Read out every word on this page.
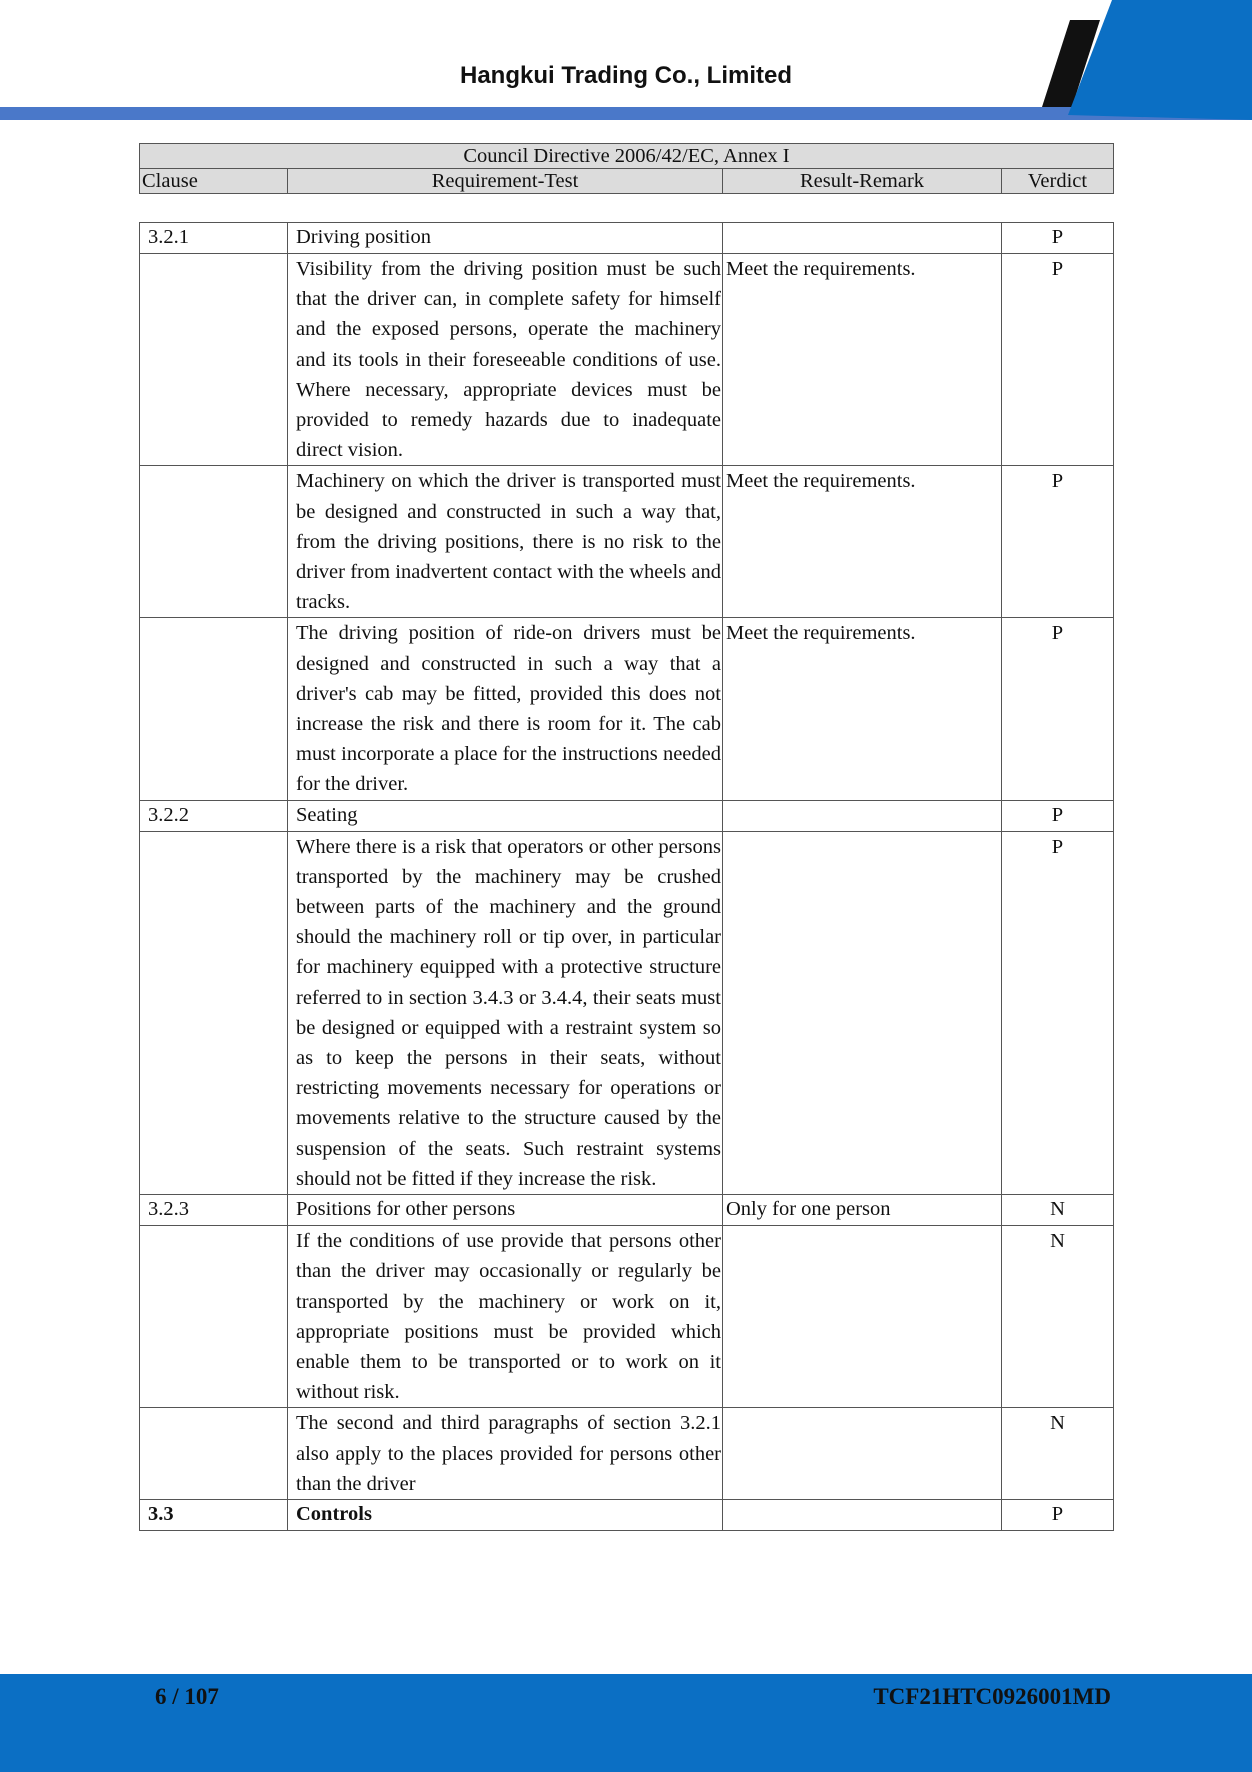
Hangkui Trading Co., Limited
Council Directive 2006/42/EC, Annex I
Clause	Requirement-Test	Result-Remark	Verdict
3.2.1	Driving position		P
	Visibility from the driving position must be such that the driver can, in complete safety for himself and the exposed persons, operate the machinery and its tools in their foreseeable conditions of use. Where necessary, appropriate devices must be provided to remedy hazards due to inadequate direct vision.	Meet the requirements.	P
	Machinery on which the driver is transported must be designed and constructed in such a way that, from the driving positions, there is no risk to the driver from inadvertent contact with the wheels and tracks.	Meet the requirements.	P
	The driving position of ride-on drivers must be designed and constructed in such a way that a driver's cab may be fitted, provided this does not increase the risk and there is room for it. The cab must incorporate a place for the instructions needed for the driver.	Meet the requirements.	P
3.2.2	Seating		P
	Where there is a risk that operators or other persons transported by the machinery may be crushed between parts of the machinery and the ground should the machinery roll or tip over, in particular for machinery equipped with a protective structure referred to in section 3.4.3 or 3.4.4, their seats must be designed or equipped with a restraint system so as to keep the persons in their seats, without restricting movements necessary for operations or movements relative to the structure caused by the suspension of the seats. Such restraint systems should not be fitted if they increase the risk.		P
3.2.3	Positions for other persons	Only for one person	N
	If the conditions of use provide that persons other than the driver may occasionally or regularly be transported by the machinery or work on it, appropriate positions must be provided which enable them to be transported or to work on it without risk.		N
	The second and third paragraphs of section 3.2.1 also apply to the places provided for persons other than the driver		N
3.3	Controls		P
6 / 107	TCF21HTC0926001MD
